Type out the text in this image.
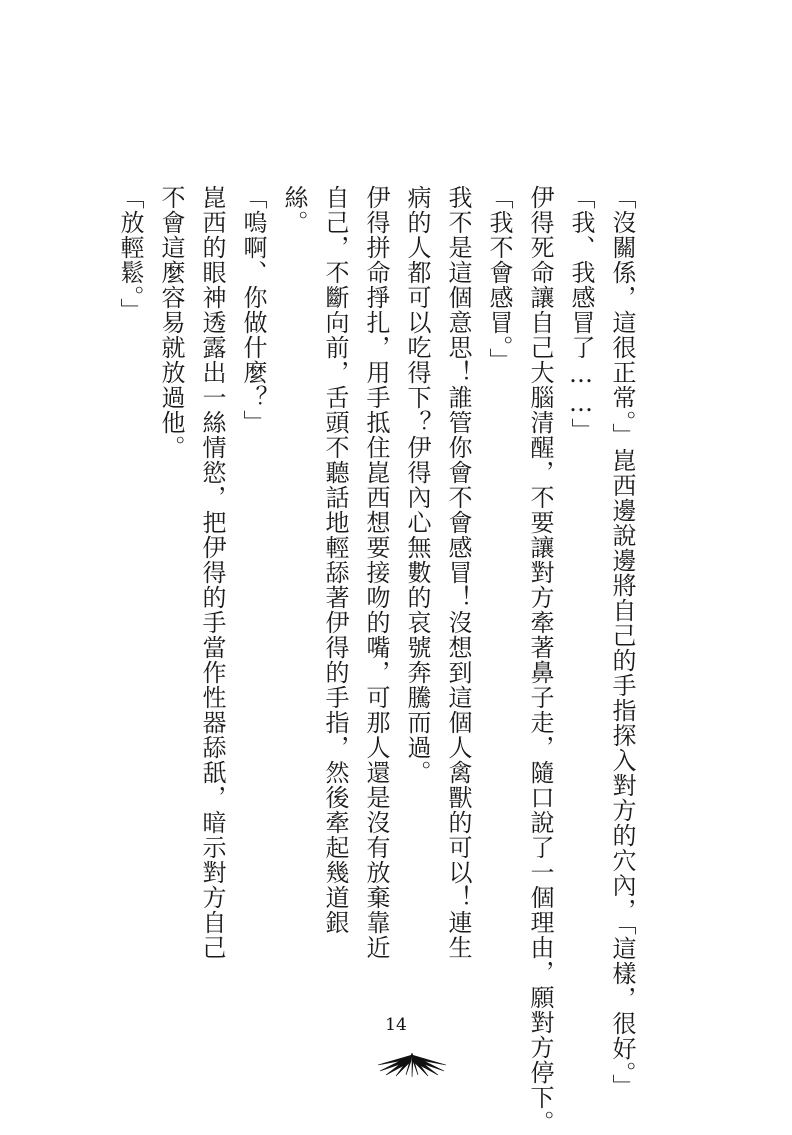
「沒關係，這很正常。」崑西邊說邊將自己的手指探入對方的穴內，「這樣，很好。」

「我、我感冒了……」

伊得死命讓自己大腦清醒，不要讓對方牽著鼻子走，隨口說了一個理由，願對方停下。

「我不會感冒。」

我不是這個意思！誰管你會不會感冒！沒想到這個人禽獸的可以！連生病的人都可以吃得下？伊得內心無數的哀號奔騰而過。

伊得拼命掙扎，用手抵住崑西想要接吻的嘴，可那人還是沒有放棄靠近自己，不斷向前，舌頭不聽話地輕舔著伊得的手指，然後牽起幾道銀絲。

「嗚啊、你做什麼？」

崑西的眼神透露出一絲情慾，把伊得的手當作性器舔舐，暗示對方自己不會這麼容易就放過他。

「放輕鬆。」

14
